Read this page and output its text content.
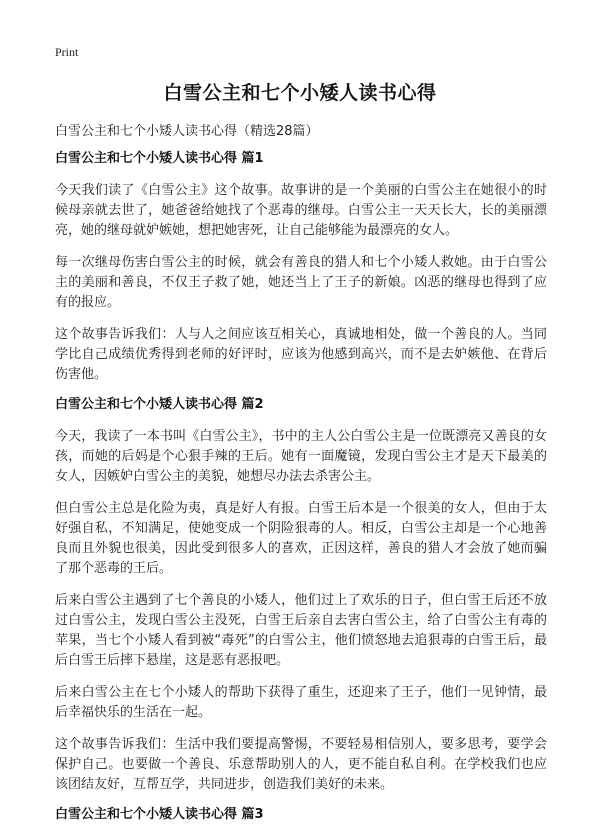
Print
白雪公主和七个小矮人读书心得
白雪公主和七个小矮人读书心得（精选28篇）
白雪公主和七个小矮人读书心得 篇1

今天我们读了《白雪公主》这个故事。故事讲的是一个美丽的白雪公主在她很小的时候母亲就去世了，她爸爸给她找了个恶毒的继母。白雪公主一天天长大，长的美丽漂亮，她的继母就妒嫉她，想把她害死，让自己能够能为最漂亮的女人。

每一次继母伤害白雪公主的时候，就会有善良的猎人和七个小矮人救她。由于白雪公主的美丽和善良，不仅王子救了她，她还当上了王子的新娘。凶恶的继母也得到了应有的报应。

这个故事告诉我们：人与人之间应该互相关心，真诚地相处，做一个善良的人。当同学比自己成绩优秀得到老师的好评时，应该为他感到高兴，而不是去妒嫉他、在背后伤害他。

白雪公主和七个小矮人读书心得 篇2

今天，我读了一本书叫《白雪公主》，书中的主人公白雪公主是一位既漂亮又善良的女孩，而她的后妈是个心狠手辣的王后。她有一面魔镜，发现白雪公主才是天下最美的女人，因嫉妒白雪公主的美貌，她想尽办法去杀害公主。

但白雪公主总是化险为夷，真是好人有报。白雪王后本是一个很美的女人，但由于太好强自私，不知满足，使她变成一个阴险狠毒的人。相反，白雪公主却是一个心地善良而且外貌也很美，因此受到很多人的喜欢，正因这样，善良的猎人才会放了她而骗了那个恶毒的王后。

后来白雪公主遇到了七个善良的小矮人，他们过上了欢乐的日子，但白雪王后还不放过白雪公主，发现白雪公主没死，白雪王后亲自去害白雪公主，给了白雪公主有毒的苹果，当七个小矮人看到被“毒死”的白雪公主，他们愤怒地去追狠毒的白雪王后，最后白雪王后摔下悬崖，这是恶有恶报吧。

后来白雪公主在七个小矮人的帮助下获得了重生，还迎来了王子，他们一见钟情，最后幸福快乐的生活在一起。

这个故事告诉我们：生活中我们要提高警惕，不要轻易相信别人，要多思考，要学会保护自己。也要做一个善良、乐意帮助别人的人，更不能自私自利。在学校我们也应该团结友好，互帮互学，共同进步，创造我们美好的未来。

白雪公主和七个小矮人读书心得 篇3
